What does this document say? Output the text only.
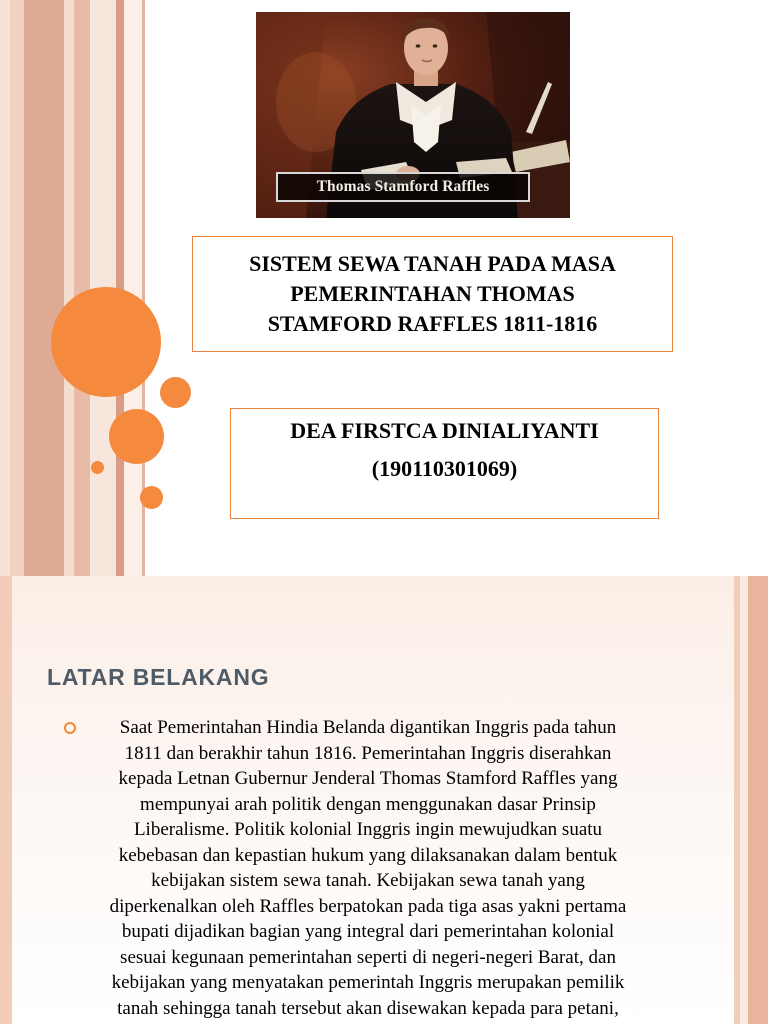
Thomas Stamford Raffles
SISTEM SEWA TANAH PADA MASA
PEMERINTAHAN THOMAS
STAMFORD RAFFLES 1811-1816
DEA FIRSTCA DINIALIYANTI
(190110301069)
LATAR BELAKANG
Saat Pemerintahan Hindia Belanda digantikan Inggris pada tahun
1811 dan berakhir tahun 1816. Pemerintahan Inggris diserahkan
kepada Letnan Gubernur Jenderal Thomas Stamford Raffles yang
mempunyai arah politik dengan menggunakan dasar Prinsip
Liberalisme. Politik kolonial Inggris ingin mewujudkan suatu
kebebasan dan kepastian hukum yang dilaksanakan dalam bentuk
kebijakan sistem sewa tanah. Kebijakan sewa tanah yang
diperkenalkan oleh Raffles berpatokan pada tiga asas yakni pertama
bupati dijadikan bagian yang integral dari pemerintahan kolonial
sesuai kegunaan pemerintahan seperti di negeri-negeri Barat, dan
kebijakan yang menyatakan pemerintah Inggris merupakan pemilik
tanah sehingga tanah tersebut akan disewakan kepada para petani,
